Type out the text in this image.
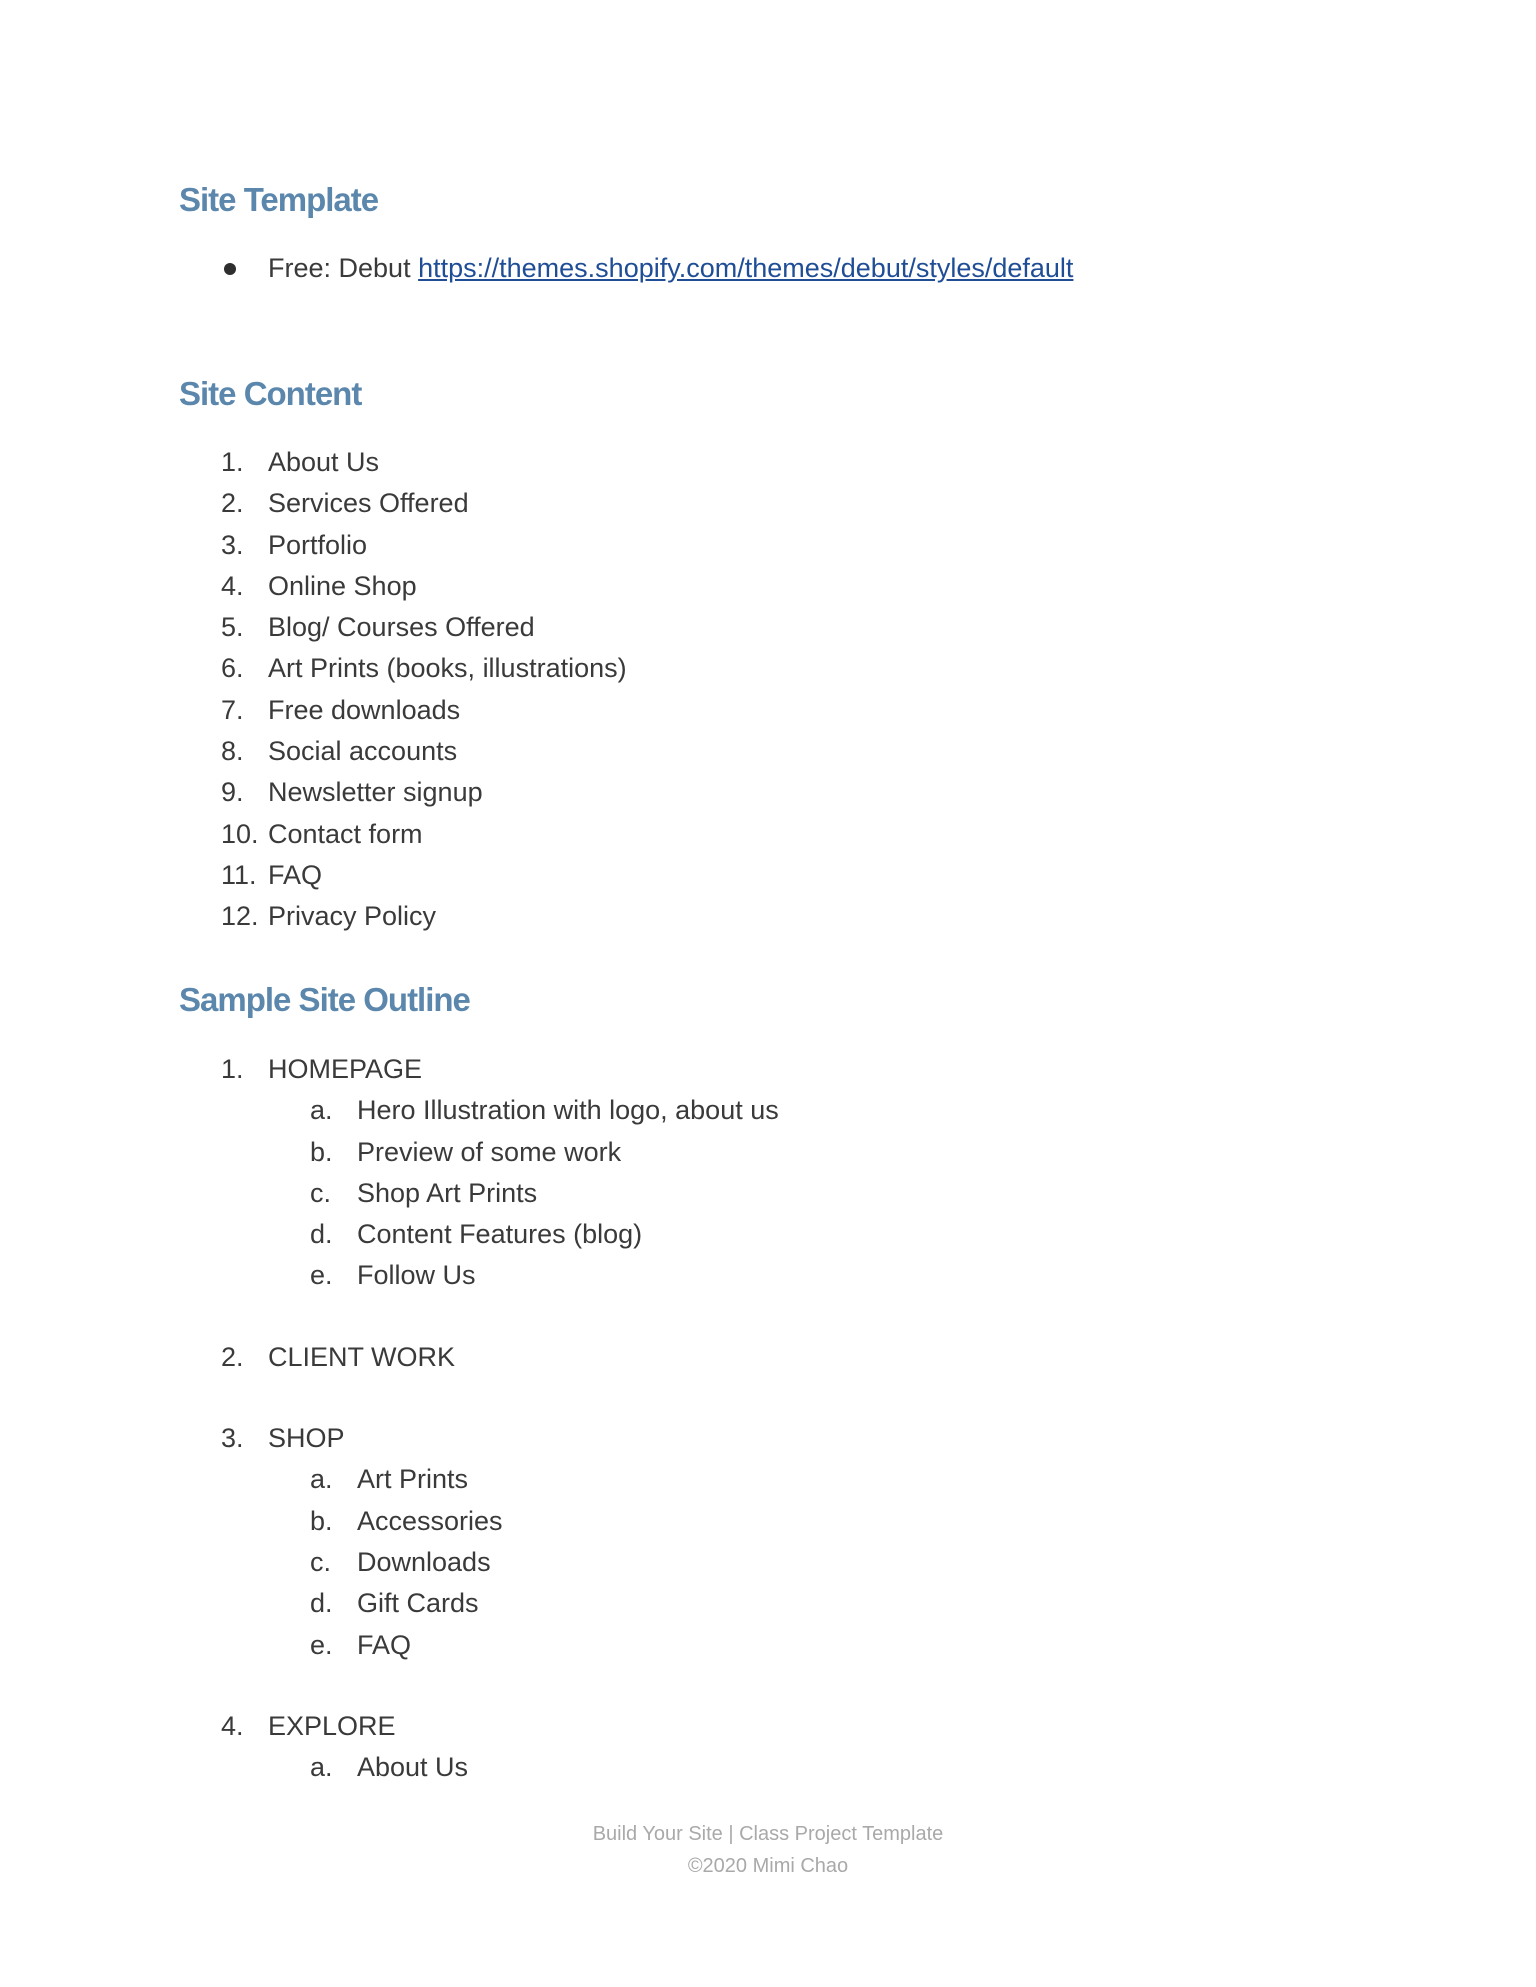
Site Template
Free: Debut https://themes.shopify.com/themes/debut/styles/default
Site Content
1. About Us
2. Services Offered
3. Portfolio
4. Online Shop
5. Blog/ Courses Offered
6. Art Prints (books, illustrations)
7. Free downloads
8. Social accounts
9. Newsletter signup
10. Contact form
11. FAQ
12. Privacy Policy
Sample Site Outline
1. HOMEPAGE
a. Hero Illustration with logo, about us
b. Preview of some work
c. Shop Art Prints
d. Content Features (blog)
e. Follow Us
2. CLIENT WORK
3. SHOP
a. Art Prints
b. Accessories
c. Downloads
d. Gift Cards
e. FAQ
4. EXPLORE
a. About Us
Build Your Site | Class Project Template
©2020 Mimi Chao
